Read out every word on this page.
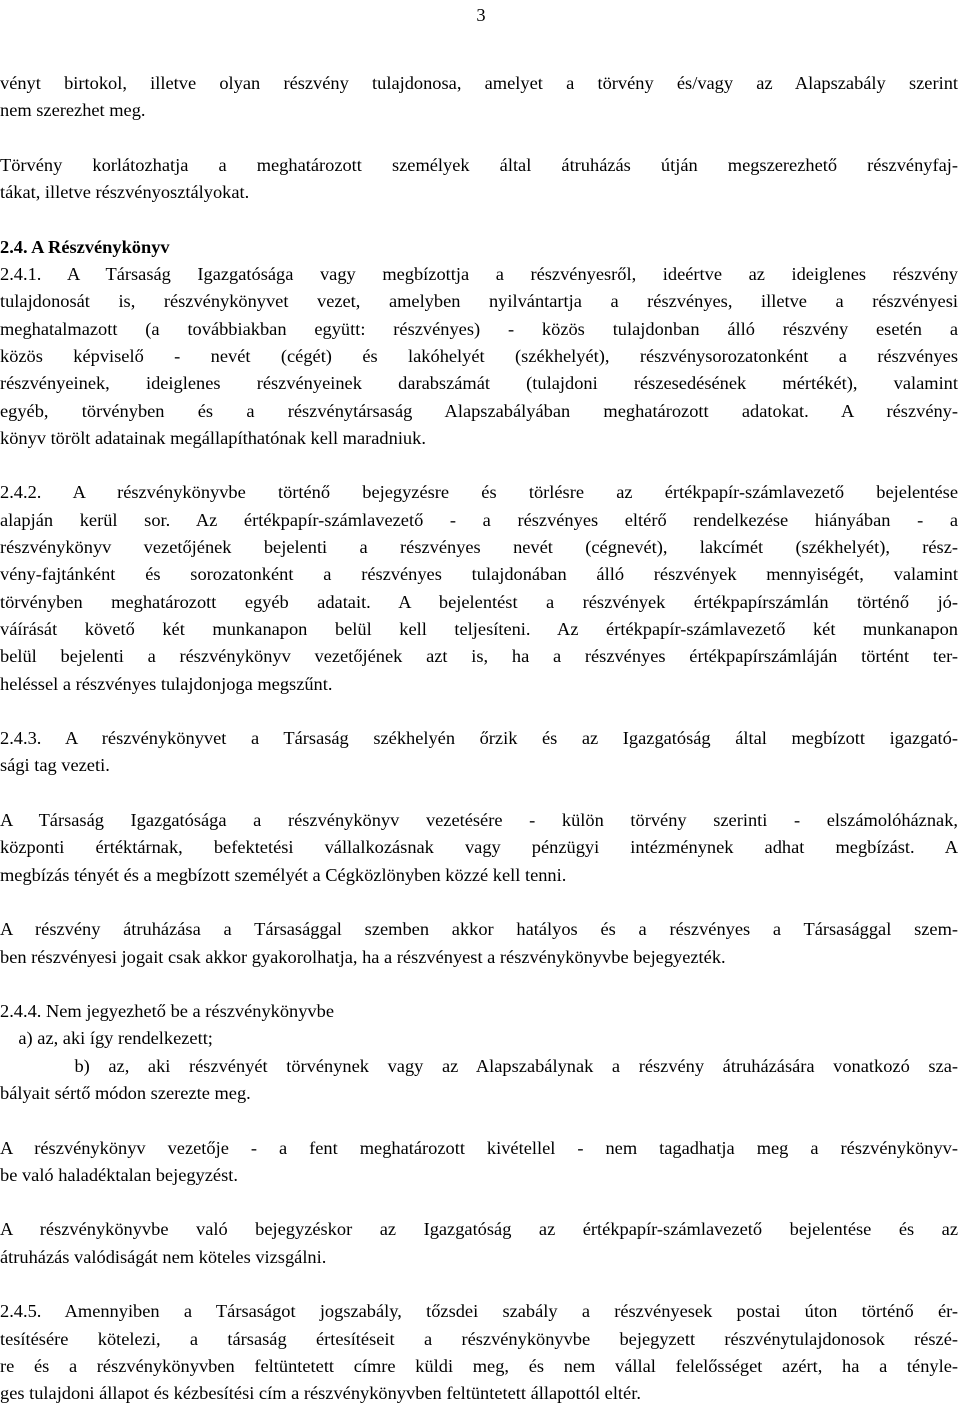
3
vényt birtokol, illetve olyan részvény tulajdonosa, amelyet a törvény és/vagy az Alapszabály szerint
nem szerezhet meg.
Törvény korlátozhatja a meghatározott személyek által átruházás útján megszerezhető részvényfaj-
tákat, illetve részvényosztályokat.
2.4. A Részvénykönyv
2.4.1. A Társaság Igazgatósága vagy megbízottja a részvényesről, ideértve az ideiglenes részvény
tulajdonosát is, részvénykönyvet vezet, amelyben nyilvántartja a részvényes, illetve a részvényesi
meghatalmazott (a továbbiakban együtt: részvényes) - közös tulajdonban álló részvény esetén a
közös képviselő - nevét (cégét) és lakóhelyét (székhelyét), részvénysorozatonként a részvényes
részvényeinek, ideiglenes részvényeinek darabszámát (tulajdoni részesedésének mértékét), valamint
egyéb, törvényben és a részvénytársaság Alapszabályában meghatározott adatokat. A részvény-
könyv törölt adatainak megállapíthatónak kell maradniuk.
2.4.2. A részvénykönyvbe történő bejegyzésre és törlésre az értékpapír-számlavezető bejelentése
alapján kerül sor. Az értékpapír-számlavezető - a részvényes eltérő rendelkezése hiányában - a
részvénykönyv vezetőjének bejelenti a részvényes nevét (cégnevét), lakcímét (székhelyét), rész-
vény-fajtánként és sorozatonként a részvényes tulajdonában álló részvények mennyiségét, valamint
törvényben meghatározott egyéb adatait. A bejelentést a részvények értékpapírszámlán történő jó-
váírását követő két munkanapon belül kell teljesíteni. Az értékpapír-számlavezető két munkanapon
belül bejelenti a részvénykönyv vezetőjének azt is, ha a részvényes értékpapírszámláján történt ter-
heléssel a részvényes tulajdonjoga megszűnt.
2.4.3. A részvénykönyvet a Társaság székhelyén őrzik és az Igazgatóság által megbízott igazgató-
sági tag vezeti.
A Társaság Igazgatósága a részvénykönyv vezetésére - külön törvény szerinti - elszámolóháznak,
központi értéktárnak, befektetési vállalkozásnak vagy pénzügyi intézménynek adhat megbízást. A
megbízás tényét és a megbízott személyét a Cégközlönyben közzé kell tenni.
A részvény átruházása a Társasággal szemben akkor hatályos és a részvényes a Társasággal szem-
ben részvényesi jogait csak akkor gyakorolhatja, ha a részvényest a részvénykönyvbe bejegyezték.
2.4.4. Nem jegyezhető be a részvénykönyvbe
a) az, aki így rendelkezett;
b) az, aki részvényét törvénynek vagy az Alapszabálynak a részvény átruházására vonatkozó sza-
bályait sértő módon szerezte meg.
A részvénykönyv vezetője - a fent meghatározott kivétellel - nem tagadhatja meg a részvénykönyv-
be való haladéktalan bejegyzést.
A részvénykönyvbe való bejegyzéskor az Igazgatóság az értékpapír-számlavezető bejelentése és az
átruházás valódiságát nem köteles vizsgálni.
2.4.5. Amennyiben a Társaságot jogszabály, tőzsdei szabály a részvényesek postai úton történő ér-
tesítésére kötelezi, a társaság értesítéseit a részvénykönyvbe bejegyzett részvénytulajdonosok részé-
re és a részvénykönyvben feltüntetett címre küldi meg, és nem vállal felelősséget azért, ha a tényle-
ges tulajdoni állapot és kézbesítési cím a részvénykönyvben feltüntetett állapottól eltér.
